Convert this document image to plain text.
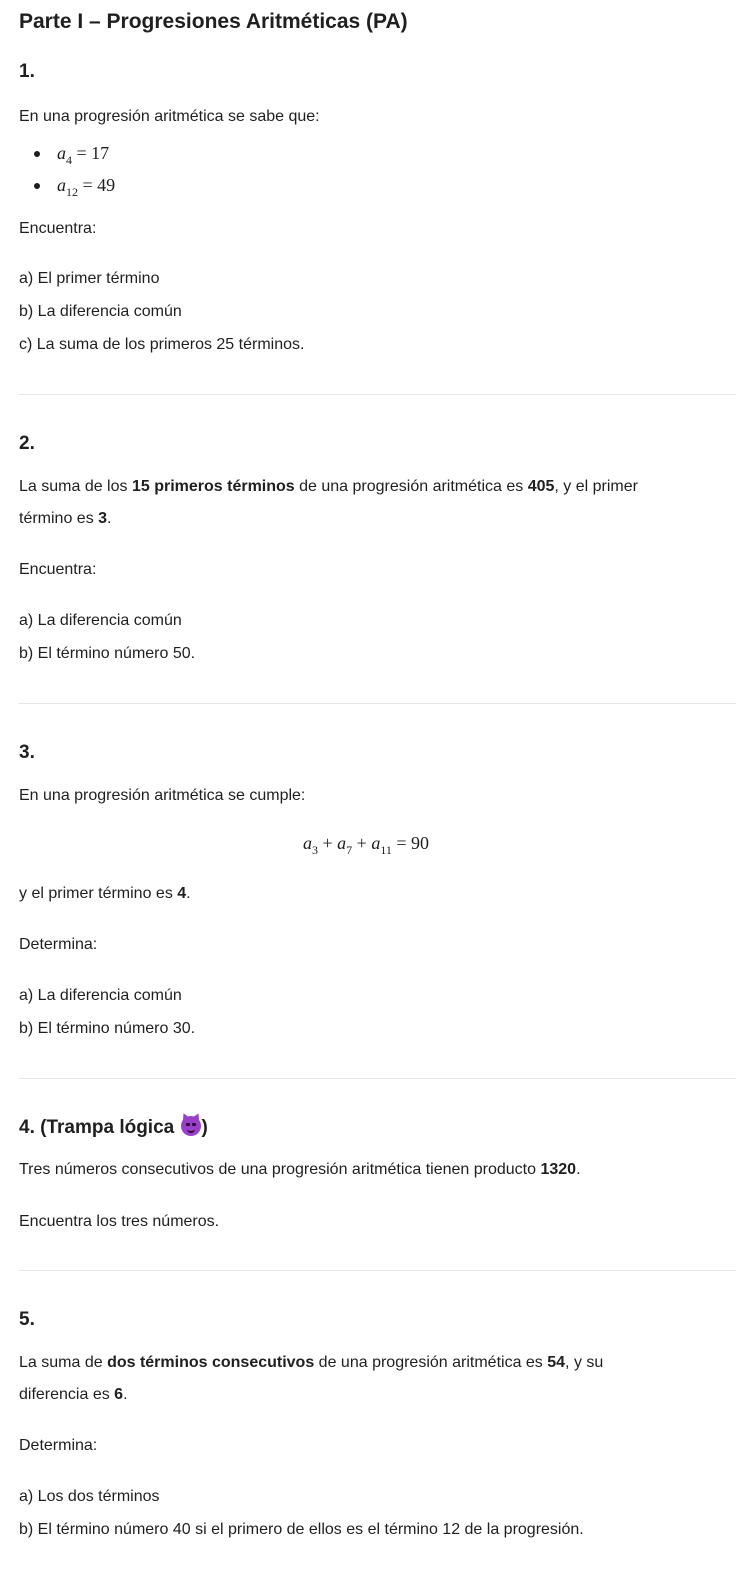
Parte I – Progresiones Aritméticas (PA)
1.
En una progresión aritmética se sabe que:
$a_4 = 17$
$a_{12} = 49$
Encuentra:
a) El primer término
b) La diferencia común
c) La suma de los primeros 25 términos.
2.
La suma de los 15 primeros términos de una progresión aritmética es 405, y el primer
término es 3.
Encuentra:
a) La diferencia común
b) El término número 50.
3.
En una progresión aritmética se cumple:
$a_3 + a_7 + a_{11} = 90$
y el primer término es 4.
Determina:
a) La diferencia común
b) El término número 30.
4. (Trampa lógica
)
Tres números consecutivos de una progresión aritmética tienen producto 1320.
Encuentra los tres números.
5.
La suma de dos términos consecutivos de una progresión aritmética es 54, y su
diferencia es 6.
Determina:
a) Los dos términos
b) El término número 40 si el primero de ellos es el término 12 de la progresión.
